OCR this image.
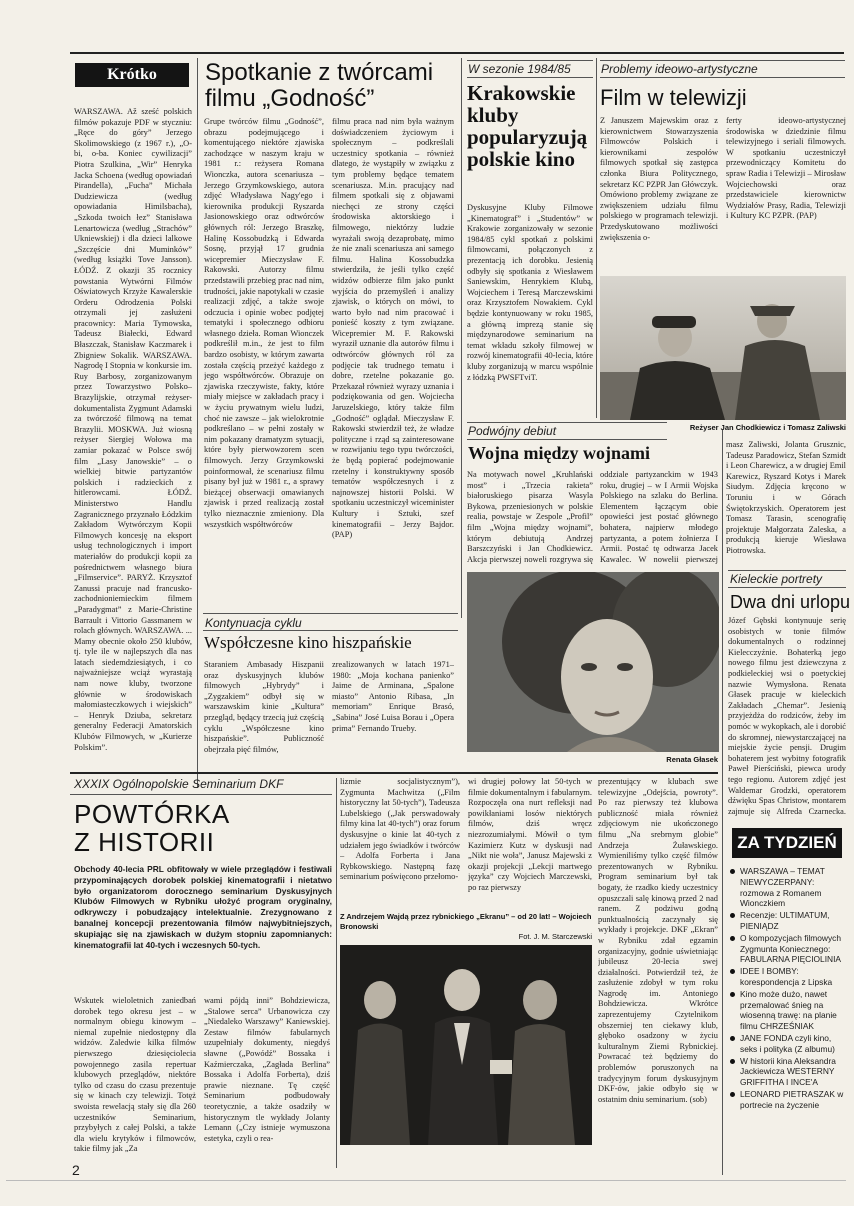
Krótko
WARSZAWA. Až sześć polskich filmów pokazuje PDF w styczniu: „Ręce do góry” Jerzego Skolimowskiego (z 1967 r.), „O-bi, o-ba. Koniec cywilizacji” Piotra Szulkina, „Wir” Henryka Jacka Schoena (według opowiadań Pirandella), „Fucha” Michała Dudziewicza (według opowiadania Himilsbacha), „Szkoda twoich łez” Stanisława Lenartowicza (według „Strachów” Ukniewskiej) i dla dzieci lalkowe „Szczęście dni Muminków” (według książki Tove Jansson). ŁÓDŹ. Z okazji 35 rocznicy powstania Wytwórni Filmów Oświatowych Krzyże Kawalerskie Orderu Odrodzenia Polski otrzymali jej zasłużeni pracownicy: Maria Tymowska, Tadeusz Białecki, Edward Błaszczak, Stanisław Kaczmarek i Zbigniew Sokalik. WARSZAWA. Nagrodę I Stopnia w konkursie im. Ruy Barbosy, zorganizowanym przez Towarzystwo Polsko–Brazylijskie, otrzymał reżyser-dokumentalista Zygmunt Adamski za twórczość filmową na temat Brazylii. MOSKWA. Już wiosną reżyser Siergiej Wołowa ma zamiar pokazać w Polsce swój film „Lasy Janowskie” – o wielkiej bitwie partyzantów polskich i radzieckich z hitlerowcami. ŁÓDŹ. Ministerstwo Handlu Zagranicznego przyznało Łódzkim Zakładom Wytwórczym Kopii Filmowych koncesję na eksport usług technologicznych i import materiałów do produkcji kopii za pośrednictwem własnego biura „Filmservice”. PARYŻ. Krzysztof Zanussi pracuje nad francusko-zachodnioniemieckim filmem „Paradygmat” z Marie-Christine Barrault i Vittorio Gassmanem w rolach głównych. WARSZAWA. ... Mamy obecnie około 250 klubów, tj. tyle ile w najlepszych dla nas latach siedemdziesiątych, i co najważniejsze wciąż wyrastają nam nowe kluby, tworzone głównie w środowiskach małomiasteczkowych i wiejskich” – Henryk Dziuba, sekretarz generalny Federacji Amatorskich Klubów Filmowych, w „Kurierze Polskim”.
Spotkanie z twórcami
filmu „Godność”
Grupe twórców filmu „Godność”, obrazu podejmującego i komentującego niektóre zjawiska zachodzące w naszym kraju w 1981 r.: reżysera Romana Wionczka, autora scenariusza – Jerzego Grzymkowskiego, autora zdjęć Władysława Nagy'ego i kierownika produkcji Ryszarda Jasionowskiego oraz odtwórców głównych ról: Jerzego Braszkę, Halinę Kossobudzką i Edwarda Sosnę, przyjął 17 grudnia wicepremier Mieczysław F. Rakowski. Autorzy filmu przedstawili przebieg prac nad nim, trudności, jakie napotykali w czasie realizacji zdjęć, a także swoje odczucia i opinie wobec podjętej tematyki i społecznego odbioru własnego dzieła. Roman Wionczek podkreślił m.in., że jest to film bardzo osobisty, w którym zawarta została częścią przeżyć każdego z jego współtwórców. Obrazuje on zjawiska rzeczywiste, fakty, które miały miejsce w zakładach pracy i w życiu prywatnym wielu ludzi, choć nie zawsze – jak wielokrotnie podkreślano – w pełni zostały w nim pokazany dramatyzm sytuacji, które były pierwowzorem scen filmowych. Jerzy Grzymkowski poinformował, że scenariusz filmu pisany był już w 1981 r., a sprawy bieżącej obserwacji omawianych zjawisk i przed realizacją został tylko nieznacznie zmieniony. Dla wszystkich współtwórców
filmu praca nad nim była ważnym doświadczeniem życiowym i społecznym – podkreślali uczestnicy spotkania – również dlatego, że wystąpiły w związku z tym problemy będące tematem scenariusza. M.in. pracujący nad filmem spotkali się z objawami niechęci ze strony części środowiska aktorskiego i filmowego, niektórzy ludzie wyrażali swoją dezaprobatę, mimo że nie znali scenariusza ani samego filmu. Halina Kossobudzka stwierdziła, że jeśli tylko część widzów odbierze film jako punkt wyjścia do przemyśleń i analizy zjawisk, o których on mówi, to warto było nad nim pracować i ponieść koszty z tym związane. Wicepremier M. F. Rakowski wyraził uznanie dla autorów filmu i odtwórców głównych ról za podjęcie tak trudnego tematu i dobre, rzetelne pokazanie go. Przekazał również wyrazy uznania i podziękowania od gen. Wojciecha Jaruzelskiego, który także film „Godność” oglądał. Mieczysław F. Rakowski stwierdził też, że władze polityczne i rząd są zainteresowane w rozwijaniu tego typu twórczości, że będą popierać podejmowanie rzetelny i konstruktywny sposób tematów współczesnych i z najnowszej historii Polski. W spotkaniu uczestniczył wiceminister Kultury i Sztuki, szef kinematografii – Jerzy Bajdor. (PAP)
Kontynuacja cyklu
Współczesne kino hiszpańskie
Staraniem Ambasady Hiszpanii oraz dyskusyjnych klubów filmowych „Hybrydy” i „Zygzakiem” odbył się w warszawskim kinie „Kultura” przegląd, będący trzecią już częścią cyklu „Współczesne kino hiszpańskie”. Publiczność obejrzała pięć filmów,
zrealizowanych w latach 1971–1980: „Moja kochana panienko” Jaime de Arminana, „Spalone miasto” Antonio Ribasa, „In memoriam” Enrique Brasó, „Sabina” José Luisa Borau i „Opera prima” Fernando Trueby.
W sezonie 1984/85
Krakowskie kluby popularyzują polskie kino
Dyskusyjne Kluby Filmowe „Kinematograf” i „Studentów” w Krakowie zorganizowały w sezonie 1984/85 cykl spotkań z polskimi filmowcami, połączonych z prezentacją ich dorobku. Jesienią odbyły się spotkania z Wiesławem Saniewskim, Henrykiem Klubą, Wojciechem i Teresą Marczewskimi oraz Krzysztofem Nowakiem. Cykl będzie kontynuowany w roku 1985, a główną imprezą stanie się międzynarodowe seminarium na temat wkładu szkoły filmowej w rozwój kinematografii 40-lecia, które kluby zorganizują w marcu wspólnie z łódzką PWSFTviT.
Problemy ideowo-artystyczne
Film w telewizji
Z Januszem Majewskim oraz z kierownictwem Stowarzyszenia Filmowców Polskich i kierownikami zespołów filmowych spotkał się zastępca członka Biura Politycznego, sekretarz KC PZPR Jan Główczyk. Omówiono problemy związane ze zwiększeniem udziału filmu polskiego w programach telewizji. Przedyskutowano możliwości zwiększenia o-
ferty ideowo-artystycznej środowiska w dziedzinie filmu telewizyjnego i seriali filmowych. W spotkaniu uczestniczył przewodniczący Komitetu do spraw Radia i Telewizji – Mirosław Wojciechowski oraz przedstawiciele kierownictw Wydziałów Prasy, Radia, Telewizji i Kultury KC PZPR. (PAP)
Reżyser Jan Chodkiewicz i Tomasz Zaliwski
Podwójny debiut
Wojna między wojnami
Na motywach nowel „Kruhlański most” i „Trzecia rakieta” białoruskiego pisarza Wasyla Bykowa, przeniesionych w polskie realia, powstaje w Zespole „Profil” film „Wojna między wojnami”, którym debiutują Andrzej Barszczyński i Jan Chodkiewicz. Akcja pierwszej noweli rozgrywa się
oddziale partyzanckim w 1943 roku, drugiej – w I Armii Wojska Polskiego na szlaku do Berlina. Elementem łączącym obie opowieści jest postać głównego bohatera, najpierw młodego partyzanta, a potem żołnierza I Armii. Postać tę odtwarza Jacek Kawalec. W nowelii pierwszej
masz Zaliwski, Jolanta Grusznic, Tadeusz Paradowicz, Stefan Szmidt i Leon Charewicz, a w drugiej Emil Karewicz, Ryszard Kotys i Marek Siudym. Zdjęcia kręcono w Toruniu i w Górach Świętokrzyskich. Operatorem jest Tomasz Tarasin, scenografię projektuje Małgorzata Zaleska, a produkcją kieruje Wiesława Piotrowska.
Renata Głasek
Kieleckie portrety
Dwa dni urlopu
Józef Gębski kontynuuje serię osobistych w tonie filmów dokumentalnych o rodzinnej Kielecczyźnie. Bohaterką jego nowego filmu jest dziewczyna z podkieleckiej wsi o poetyckiej nazwie Wymysłona. Renata Głasek pracuje w kieleckich Zakładach „Chemar”. Jesienią przyjeżdża do rodziców, żeby im pomóc w wykopkach, ale i dorobić do skromnej, niewystarczającej na miejskie życie pensji. Drugim bohaterem jest wybitny fotografik Paweł Pierściński, piewca urody tego regionu. Autorem zdjęć jest Waldemar Grodzki, operatorem dźwięku Spas Christow, montarem zajmuje się Alfreda Czarnecka.
ZA TYDZIEŃ
WARSZAWA – TEMAT NIEWYCZERPANY: rozmowa z Romanem Wionczkiem
Recenzje: ULTIMATUM, PIENIĄDZ
O kompozycjach filmowych Zygmunta Koniecznego: FABULARNA PIĘCIOLINIA
IDEE I BOMBY: korespondencja z Lipska
Kino może dużo, nawet przemalować śnieg na wiosenną trawę: na planie filmu CHRZEŚNIAK
JANE FONDA czyli kino, seks i polityka (Z albumu)
W historii kina Aleksandra Jackiewicza WESTERNY GRIFFITHA I INCE'A
LEONARD PIETRASZAK w portrecie na życzenie
XXXIX Ogólnopolskie Seminarium DKF
POWTÓRKA
Z HISTORII
Obchody 40-lecia PRL obfitowały w wiele przeglądów i festiwali przypominających dorobek polskiej kinematografii i nietatwo było organizatorom dorocznego seminarium Dyskusyjnych Klubów Filmowych w Rybniku ułożyć program oryginalny, odkrywczy i pobudzający intelektualnie. Zrezygnowano z banalnej koncepcji prezentowania filmów najwybitniejszych, skupiając się na zjawiskach w dużym stopniu zapomnianych: kinematografii lat 40-tych i wczesnych 50-tych.
Wskutek wieloletnich zaniedbań dorobek tego okresu jest – w normalnym obiegu kinowym – niemal zupełnie niedostępny dla widzów. Zaledwie kilka filmów pierwszego dziesięciolecia powojennego zasila repertuar klubowych przeglądów, niektóre tylko od czasu do czasu prezentuje się w kinach czy telewizji. Totęż swoista rewelacją stały się dla 260 uczestników Seminarium, przybyłych z całej Polski, a także dla wielu krytyków i filmowców, takie filmy jak „Za
wami pójdą inni” Bohdziewicza, „Stalowe serca” Urbanowicza czy „Niedaleko Warszawy” Kaniewskiej. Zestaw filmów fabularnych uzupełniały dokumenty, niegdyś sławne („Powódź” Bossaka i Kaźmierczaka, „Zagłada Berlina” Bossaka i Adolfa Forberta), dziś prawie nieznane. Tę część Seminarium podbudowały teoretycznie, a także osadziły w historycznym tle wykłady Jolanty Lemann („Czy istnieje wymuszona estetyka, czyli o rea-
lizmie socjalistycznym”), Zygmunta Machwitza („Film historyczny lat 50-tych”), Tadeusza Lubelskiego („Jak perswadowały filmy kina lat 40-tych”) oraz forum dyskusyjne o kinie lat 40-tych z udziałem jego świadków i twórców – Adolfa Forberta i Jana Rybkowskiego. Następną fazę seminarium poświęcono przełomo-
wi drugiej połowy lat 50-tych w filmie dokumentalnym i fabularnym. Rozpoczęła ona nurt refleksji nad powikłaniami losów niektórych filmów, dziś wręcz niezrozumiałymi. Mówił o tym Kazimierz Kutz w dyskusji nad „Nikt nie woła”, Janusz Majewski z okazji projekcji „Lekcji martwego języka” czy Wojciech Marczewski, po raz pierwszy
prezentujący w klubach swe telewizyjne „Odejścia, powroty”. Po raz pierwszy też klubowa publiczność miała również zdjęciowym nie ukończonego filmu „Na srebrnym globie” Andrzeja Żuławskiego. Wymieniliśmy tylko część filmów prezentowanych w Rybniku. Program seminarium był tak bogaty, że rzadko kiedy uczestnicy opuszczali salę kinową przed 2 nad ranem. Z podziwu godną punktualnością zaczynały się wykłady i projekcje. DKF „Ekran” w Rybniku zdał egzamin organizacyjny, godnie uświetniając jubileusz 20-lecia swej działalności. Potwierdził też, że zasłużenie zdobył w tym roku Nagrodę im. Antoniego Bohdziewicza. Wkrótce zaprezentujemy Czytelnikom obszerniej ten ciekawy klub, głęboko osadzony w życiu kulturalnym Ziemi Rybnickiej. Powracać też będziemy do problemów poruszonych na tradycyjnym forum dyskusyjnym DKF-ów, jakie odbyło się w ostatnim dniu seminarium. (sob)
Z Andrzejem Wajdą przez rybnickiego „Ekranu” – od 20 lat! – Wojciech Bronowski
Fot. J. M. Starczewski
2
